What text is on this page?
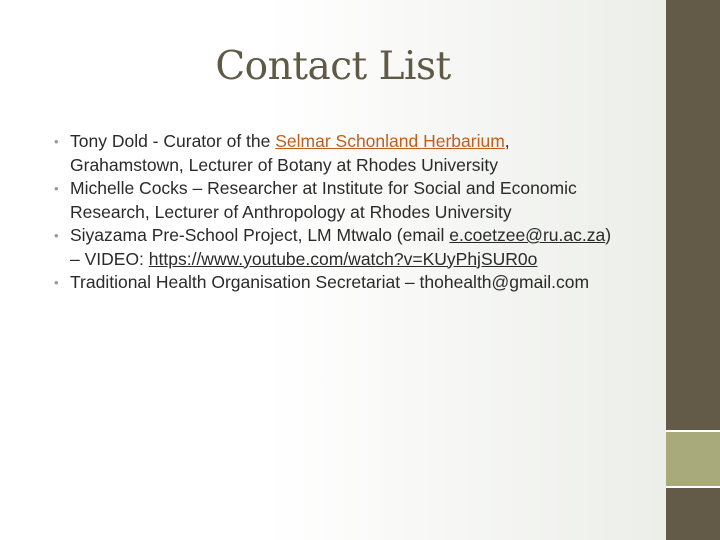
Contact List
• Tony Dold - Curator of the Selmar Schonland Herbarium, Grahamstown, Lecturer of Botany at Rhodes University
• Michelle Cocks – Researcher at Institute for Social and Economic Research, Lecturer of Anthropology at Rhodes University
• Siyazama Pre-School Project, LM Mtwalo (email e.coetzee@ru.ac.za) – VIDEO: https://www.youtube.com/watch?v=KUyPhjSUR0o
• Traditional Health Organisation Secretariat – thohealth@gmail.com
